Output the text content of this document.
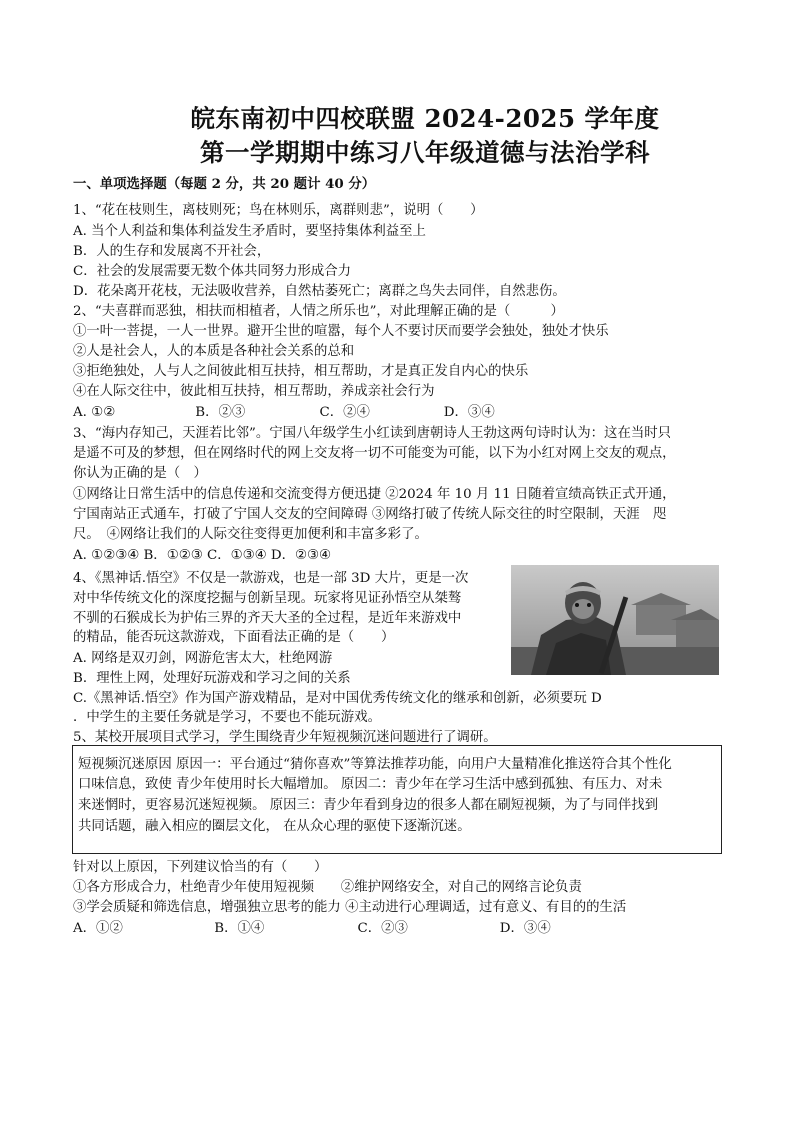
皖东南初中四校联盟 2024-2025 学年度
第一学期期中练习八年级道德与法治学科
一、单项选择题（每题 2 分，共 20 题计 40 分）
1、“花在枝则生，离枝则死；鸟在林则乐，离群则悲”，说明（　　）
A. 当个人利益和集体利益发生矛盾时，要坚持集体利益至上
B．人的生存和发展离不开社会，
C．社会的发展需要无数个体共同努力形成合力
D．花朵离开花枝，无法吸收营养，自然枯萎死亡；离群之鸟失去同伴，自然悲伤。
2、“夫喜群而恶独，相扶而相植者，人情之所乐也”，对此理解正确的是（　　　）
①一叶一菩提，一人一世界。避开尘世的喧嚣，每个人不要讨厌而要学会独处，独处才快乐
②人是社会人，人的本质是各种社会关系的总和
③拒绝独处，人与人之间彼此相互扶持，相互帮助，才是真正发自内心的快乐
④在人际交往中，彼此相互扶持，相互帮助，养成亲社会行为
A. ①②	B．②③	C．②④	D．③④
3、“海内存知己，天涯若比邻”。宁国八年级学生小红读到唐朝诗人王勃这两句诗时认为：这在当时只
是遥不可及的梦想，但在网络时代的网上交友将一切不可能变为可能，以下为小红对网上交友的观点，
你认为正确的是（　）
①网络让日常生活中的信息传递和交流变得方便迅捷 ②2024 年 10 月 11 日随着宣绩高铁正式开通，
宁国南站正式通车，打破了宁国人交友的空间障碍 ③网络打破了传统人际交往的时空限制，天涯　咫
尺。　④网络让我们的人际交往变得更加便利和丰富多彩了。
A. ①②③④ B．①②③ C．①③④ D．②③④
4、《黑神话.悟空》不仅是一款游戏，也是一部 3D 大片，更是一次
对中华传统文化的深度挖掘与创新呈现。玩家将见证孙悟空从桀骜
不驯的石猴成长为护佑三界的齐天大圣的全过程，是近年来游戏中
的精品，能否玩这款游戏，下面看法正确的是（　　）
A. 网络是双刃剑，网游危害太大，杜绝网游
B．理性上网，处理好玩游戏和学习之间的关系
C.《黑神话.悟空》作为国产游戏精品，是对中国优秀传统文化的继承和创新，必须要玩 D
．中学生的主要任务就是学习，不要也不能玩游戏。
5、某校开展项目式学习，学生围绕青少年短视频沉迷问题进行了调研。
短视频沉迷原因 原因一：平台通过“猜你喜欢”等算法推荐功能，向用户大量精准化推送符合其个性化
口味信息，致使 青少年使用时长大幅增加。 原因二：青少年在学习生活中感到孤独、有压力、对未
来迷惘时，更容易沉迷短视频。 原因三：青少年看到身边的很多人都在刷短视频，为了与同伴找到
共同话题，融入相应的圈层文化， 在从众心理的驱使下逐渐沉迷。
针对以上原因，下列建议恰当的有（　　）
①各方形成合力，杜绝青少年使用短视频　　②维护网络安全，对自己的网络言论负责
③学会质疑和筛选信息，增强独立思考的能力 ④主动进行心理调适，过有意义、有目的的生活
A．①②	B．①④	C．②③	D．③④
